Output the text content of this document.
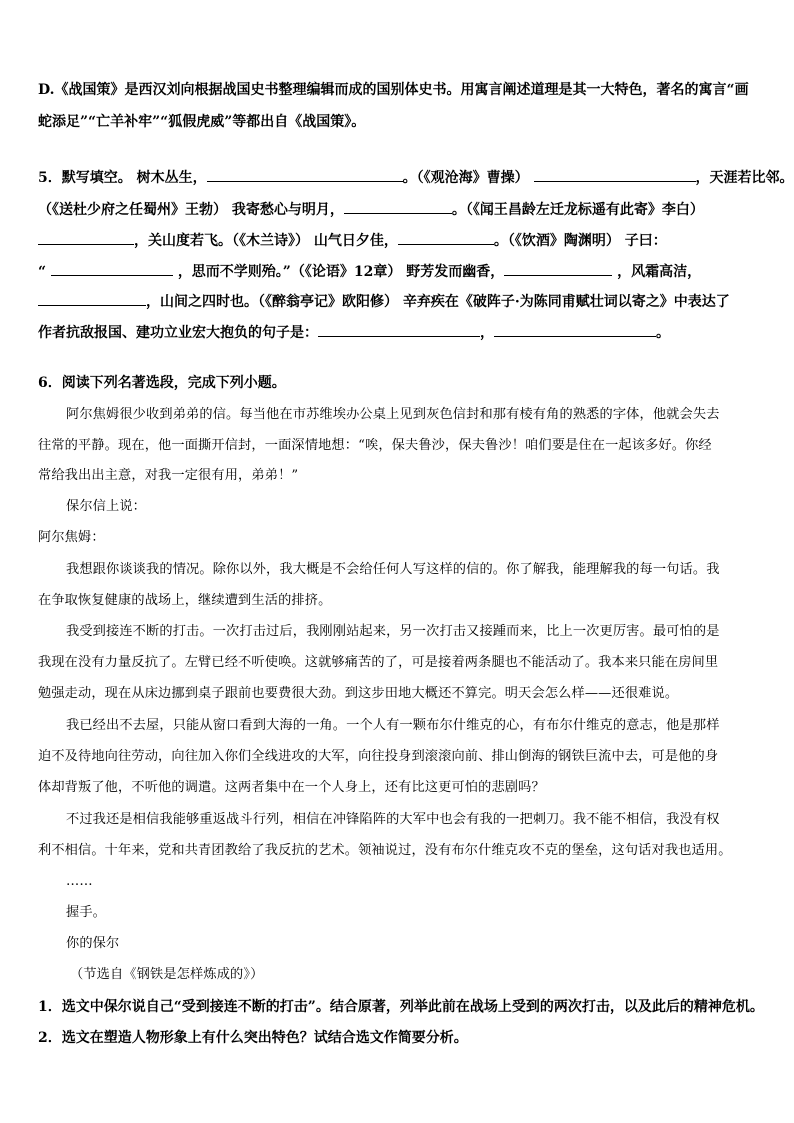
D.《战国策》是西汉刘向根据战国史书整理编辑而成的国别体史书。用寓言阐述道理是其一大特色，著名的寓言“画
蛇添足”“亡羊补牢”“狐假虎威”等都出自《战国策》。
5．默写填空。 树木丛生，	。（《观沧海》曹操）	，天涯若比邻。
（《送杜少府之任蜀州》王勃） 我寄愁心与明月，	。（《闻王昌龄左迁龙标遥有此寄》李白）
，关山度若飞。（《木兰诗》） 山气日夕佳，	。（《饮酒》陶渊明） 子曰：
“	，思而不学则殆。”（《论语》12章） 野芳发而幽香，	，风霜高洁，
，山间之四时也。（《醉翁亭记》欧阳修） 辛弃疾在《破阵子·为陈同甫赋壮词以寄之》中表达了
作者抗敌报国、建功立业宏大抱负的句子是：	，	。
6．阅读下列名著选段，完成下列小题。
阿尔焦姆很少收到弟弟的信。每当他在市苏维埃办公桌上见到灰色信封和那有棱有角的熟悉的字体，他就会失去
往常的平静。现在，他一面撕开信封，一面深情地想：“唉，保夫鲁沙，保夫鲁沙！咱们要是住在一起该多好。你经
常给我出出主意，对我一定很有用，弟弟！”
保尔信上说：
阿尔焦姆：
我想跟你谈谈我的情况。除你以外，我大概是不会给任何人写这样的信的。你了解我，能理解我的每一句话。我
在争取恢复健康的战场上，继续遭到生活的排挤。
我受到接连不断的打击。一次打击过后，我刚刚站起来，另一次打击又接踵而来，比上一次更厉害。最可怕的是
我现在没有力量反抗了。左臂已经不听使唤。这就够痛苦的了，可是接着两条腿也不能活动了。我本来只能在房间里
勉强走动，现在从床边挪到桌子跟前也要费很大劲。到这步田地大概还不算完。明天会怎么样——还很难说。
我已经出不去屋，只能从窗口看到大海的一角。一个人有一颗布尔什维克的心，有布尔什维克的意志，他是那样
迫不及待地向往劳动，向往加入你们全线进攻的大军，向往投身到滚滚向前、排山倒海的钢铁巨流中去，可是他的身
体却背叛了他，不听他的调遣。这两者集中在一个人身上，还有比这更可怕的悲剧吗？
不过我还是相信我能够重返战斗行列，相信在冲锋陷阵的大军中也会有我的一把刺刀。我不能不相信，我没有权
利不相信。十年来，党和共青团教给了我反抗的艺术。领袖说过，没有布尔什维克攻不克的堡垒，这句话对我也适用。
……
握手。
你的保尔
（节选自《钢铁是怎样炼成的》）
1．选文中保尔说自己“受到接连不断的打击”。结合原著，列举此前在战场上受到的两次打击，以及此后的精神危机。
2．选文在塑造人物形象上有什么突出特色？试结合选文作简要分析。
